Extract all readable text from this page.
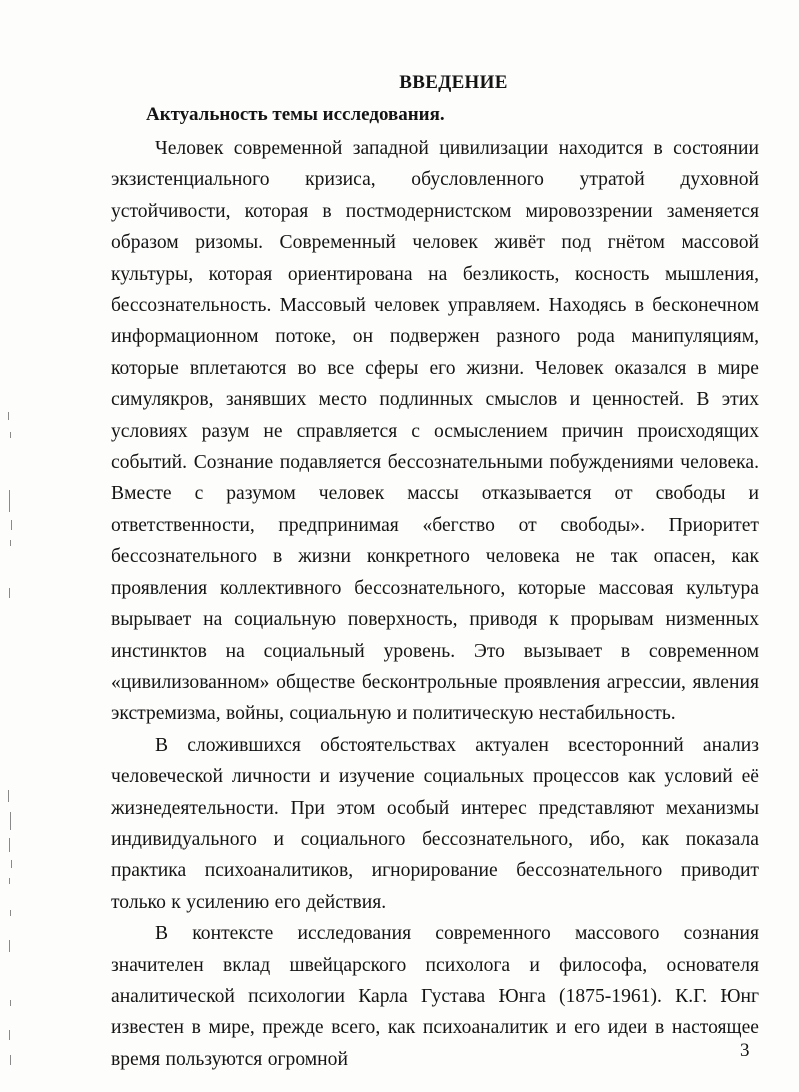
ВВЕДЕНИЕ
Актуальность темы исследования.

Человек современной западной цивилизации находится в состоянии экзистенциального кризиса, обусловленного утратой духовной устойчивости, которая в постмодернистском мировоззрении заменяется образом ризомы. Современный человек живёт под гнётом массовой культуры, которая ориентирована на безликость, косность мышления, бессознательность. Массовый человек управляем. Находясь в бесконечном информационном потоке, он подвержен разного рода манипуляциям, которые вплетаются во все сферы его жизни. Человек оказался в мире симулякров, занявших место подлинных смыслов и ценностей. В этих условиях разум не справляется с осмыслением причин происходящих событий. Сознание подавляется бессознательными побуждениями человека. Вместе с разумом человек массы отказывается от свободы и ответственности, предпринимая «бегство от свободы». Приоритет бессознательного в жизни конкретного человека не так опасен, как проявления коллективного бессознательного, которые массовая культура вырывает на социальную поверхность, приводя к прорывам низменных инстинктов на социальный уровень. Это вызывает в современном «цивилизованном» обществе бесконтрольные проявления агрессии, явления экстремизма, войны, социальную и политическую нестабильность.

В сложившихся обстоятельствах актуален всесторонний анализ человеческой личности и изучение социальных процессов как условий её жизнедеятельности. При этом особый интерес представляют механизмы индивидуального и социального бессознательного, ибо, как показала практика психоаналитиков, игнорирование бессознательного приводит только к усилению его действия.

В контексте исследования современного массового сознания значителен вклад швейцарского психолога и философа, основателя аналитической психологии Карла Густава Юнга (1875-1961). К.Г. Юнг известен в мире, прежде всего, как психоаналитик и его идеи в настоящее время пользуются огромной	3
